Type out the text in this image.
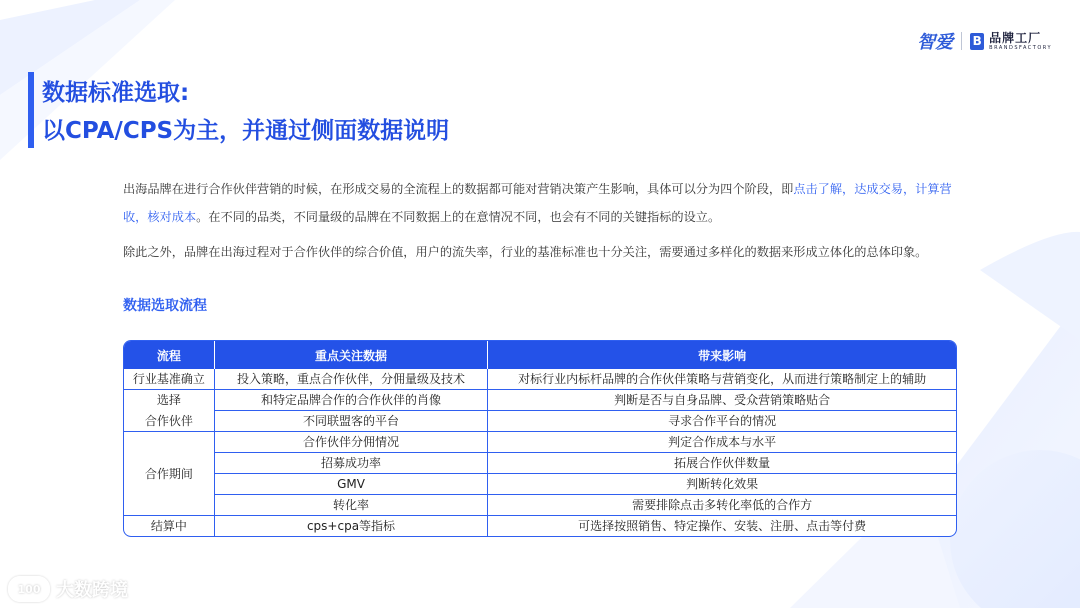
智爱 B 品牌工厂
BRANDSFACTORY
数据标准选取:
以CPA/CPS为主，并通过侧面数据说明
出海品牌在进行合作伙伴营销的时候，在形成交易的全流程上的数据都可能对营销决策产生影响，具体可以分为四个阶段，即点击了解，达成交易，计算营收，核对成本。在不同的品类，不同量级的品牌在不同数据上的在意情况不同，也会有不同的关键指标的设立。
除此之外，品牌在出海过程对于合作伙伴的综合价值，用户的流失率，行业的基准标准也十分关注，需要通过多样化的数据来形成立体化的总体印象。
数据选取流程
流程	重点关注数据	带来影响
行业基准确立	投入策略，重点合作伙伴，分佣量级及技术	对标行业内标杆品牌的合作伙伴策略与营销变化，从而进行策略制定上的辅助
选择	和特定品牌合作的合作伙伴的肖像	判断是否与自身品牌、受众营销策略贴合
合作伙伴	不同联盟客的平台	寻求合作平台的情况
合作期间	合作伙伴分佣情况	判定合作成本与水平
	招募成功率	拓展合作伙伴数量
	GMV	判断转化效果
	转化率	需要排除点击多转化率低的合作方
结算中	cps+cpa等指标	可选择按照销售、特定操作、安装、注册、点击等付费
100 大数跨境
